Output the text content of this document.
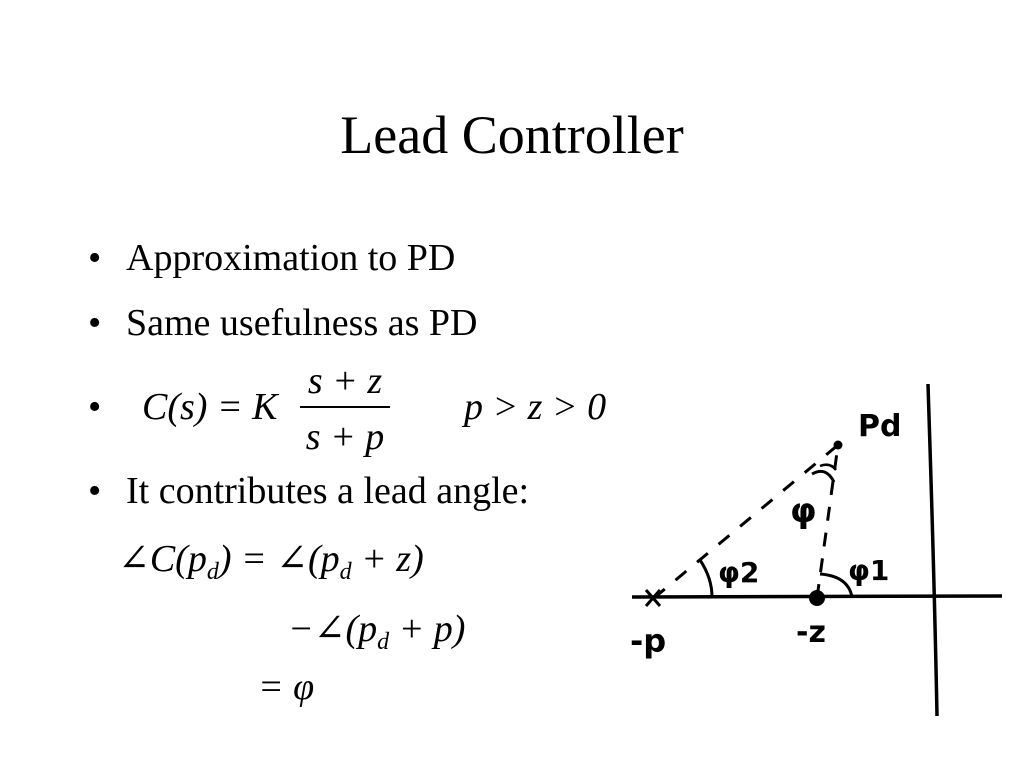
Lead Controller
• Approximation to PD
• Same usefulness as PD
•	C(s) = K
s + z
s + p
p > z > 0
• It contributes a lead angle:
$\angle C(p_d)$ = $\angle(p_d + z)$
$-\angle(p_d + p)$
= φ
Pd
φ
φ1
φ2
-p	-z
